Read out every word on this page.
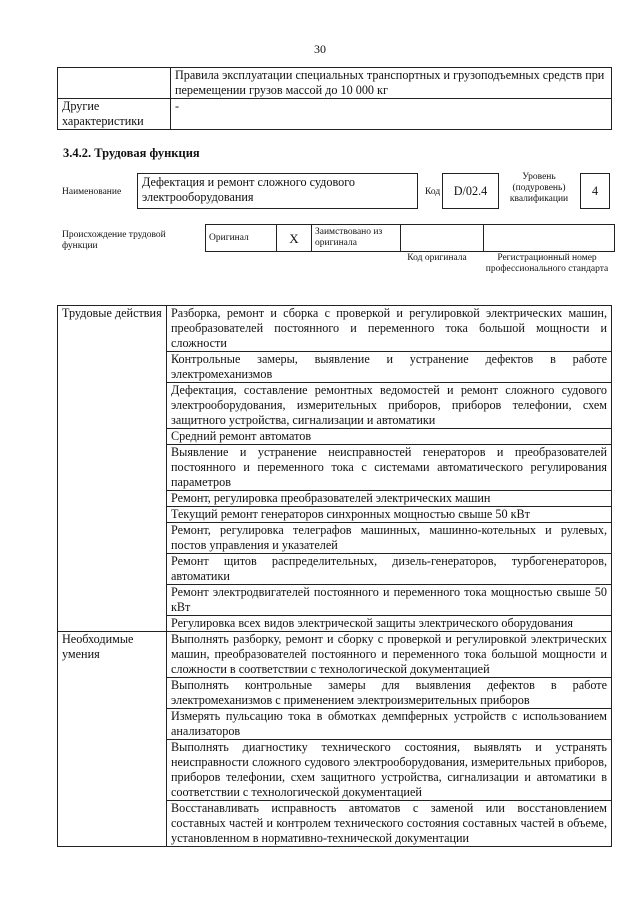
30
	Правила эксплуатации специальных транспортных и грузоподъемных средств при перемещении грузов массой до 10 000 кг
Другие характеристики	-
3.4.2. Трудовая функция
Наименование
Дефектация и ремонт сложного судового электрооборудования	Код	D/02.4
Уровень (подуровень) квалификации
4
Происхождение трудовой функции
Оригинал	X	Заимствовано из оригинала		
Код оригинала	Регистрационный номер профессионального стандарта
Трудовые действия	Разборка, ремонт и сборка с проверкой и регулировкой электрических машин, преобразователей постоянного и переменного тока большой мощности и сложности
	Контрольные замеры, выявление и устранение дефектов в работе электромеханизмов
	Дефектация, составление ремонтных ведомостей и ремонт сложного судового электрооборудования, измерительных приборов, приборов телефонии, схем защитного устройства, сигнализации и автоматики
	Средний ремонт автоматов
	Выявление и устранение неисправностей генераторов и преобразователей постоянного и переменного тока с системами автоматического регулирования параметров
	Ремонт, регулировка преобразователей электрических машин
	Текущий ремонт генераторов синхронных мощностью свыше 50 кВт
	Ремонт, регулировка телеграфов машинных, машинно-котельных и рулевых, постов управления и указателей
	Ремонт щитов распределительных, дизель-генераторов, турбогенераторов, автоматики
	Ремонт электродвигателей постоянного и переменного тока мощностью свыше 50 кВт
	Регулировка всех видов электрической защиты электрического оборудования
Необходимые умения	Выполнять разборку, ремонт и сборку с проверкой и регулировкой электрических машин, преобразователей постоянного и переменного тока большой мощности и сложности в соответствии с технологической документацией
	Выполнять контрольные замеры для выявления дефектов в работе электромеханизмов с применением электроизмерительных приборов
	Измерять пульсацию тока в обмотках демпферных устройств с использованием анализаторов
	Выполнять диагностику технического состояния, выявлять и устранять неисправности сложного судового электрооборудования, измерительных приборов, приборов телефонии, схем защитного устройства, сигнализации и автоматики в соответствии с технологической документацией
	Восстанавливать исправность автоматов с заменой или восстановлением составных частей и контролем технического состояния составных частей в объеме, установленном в нормативно-технической документации
